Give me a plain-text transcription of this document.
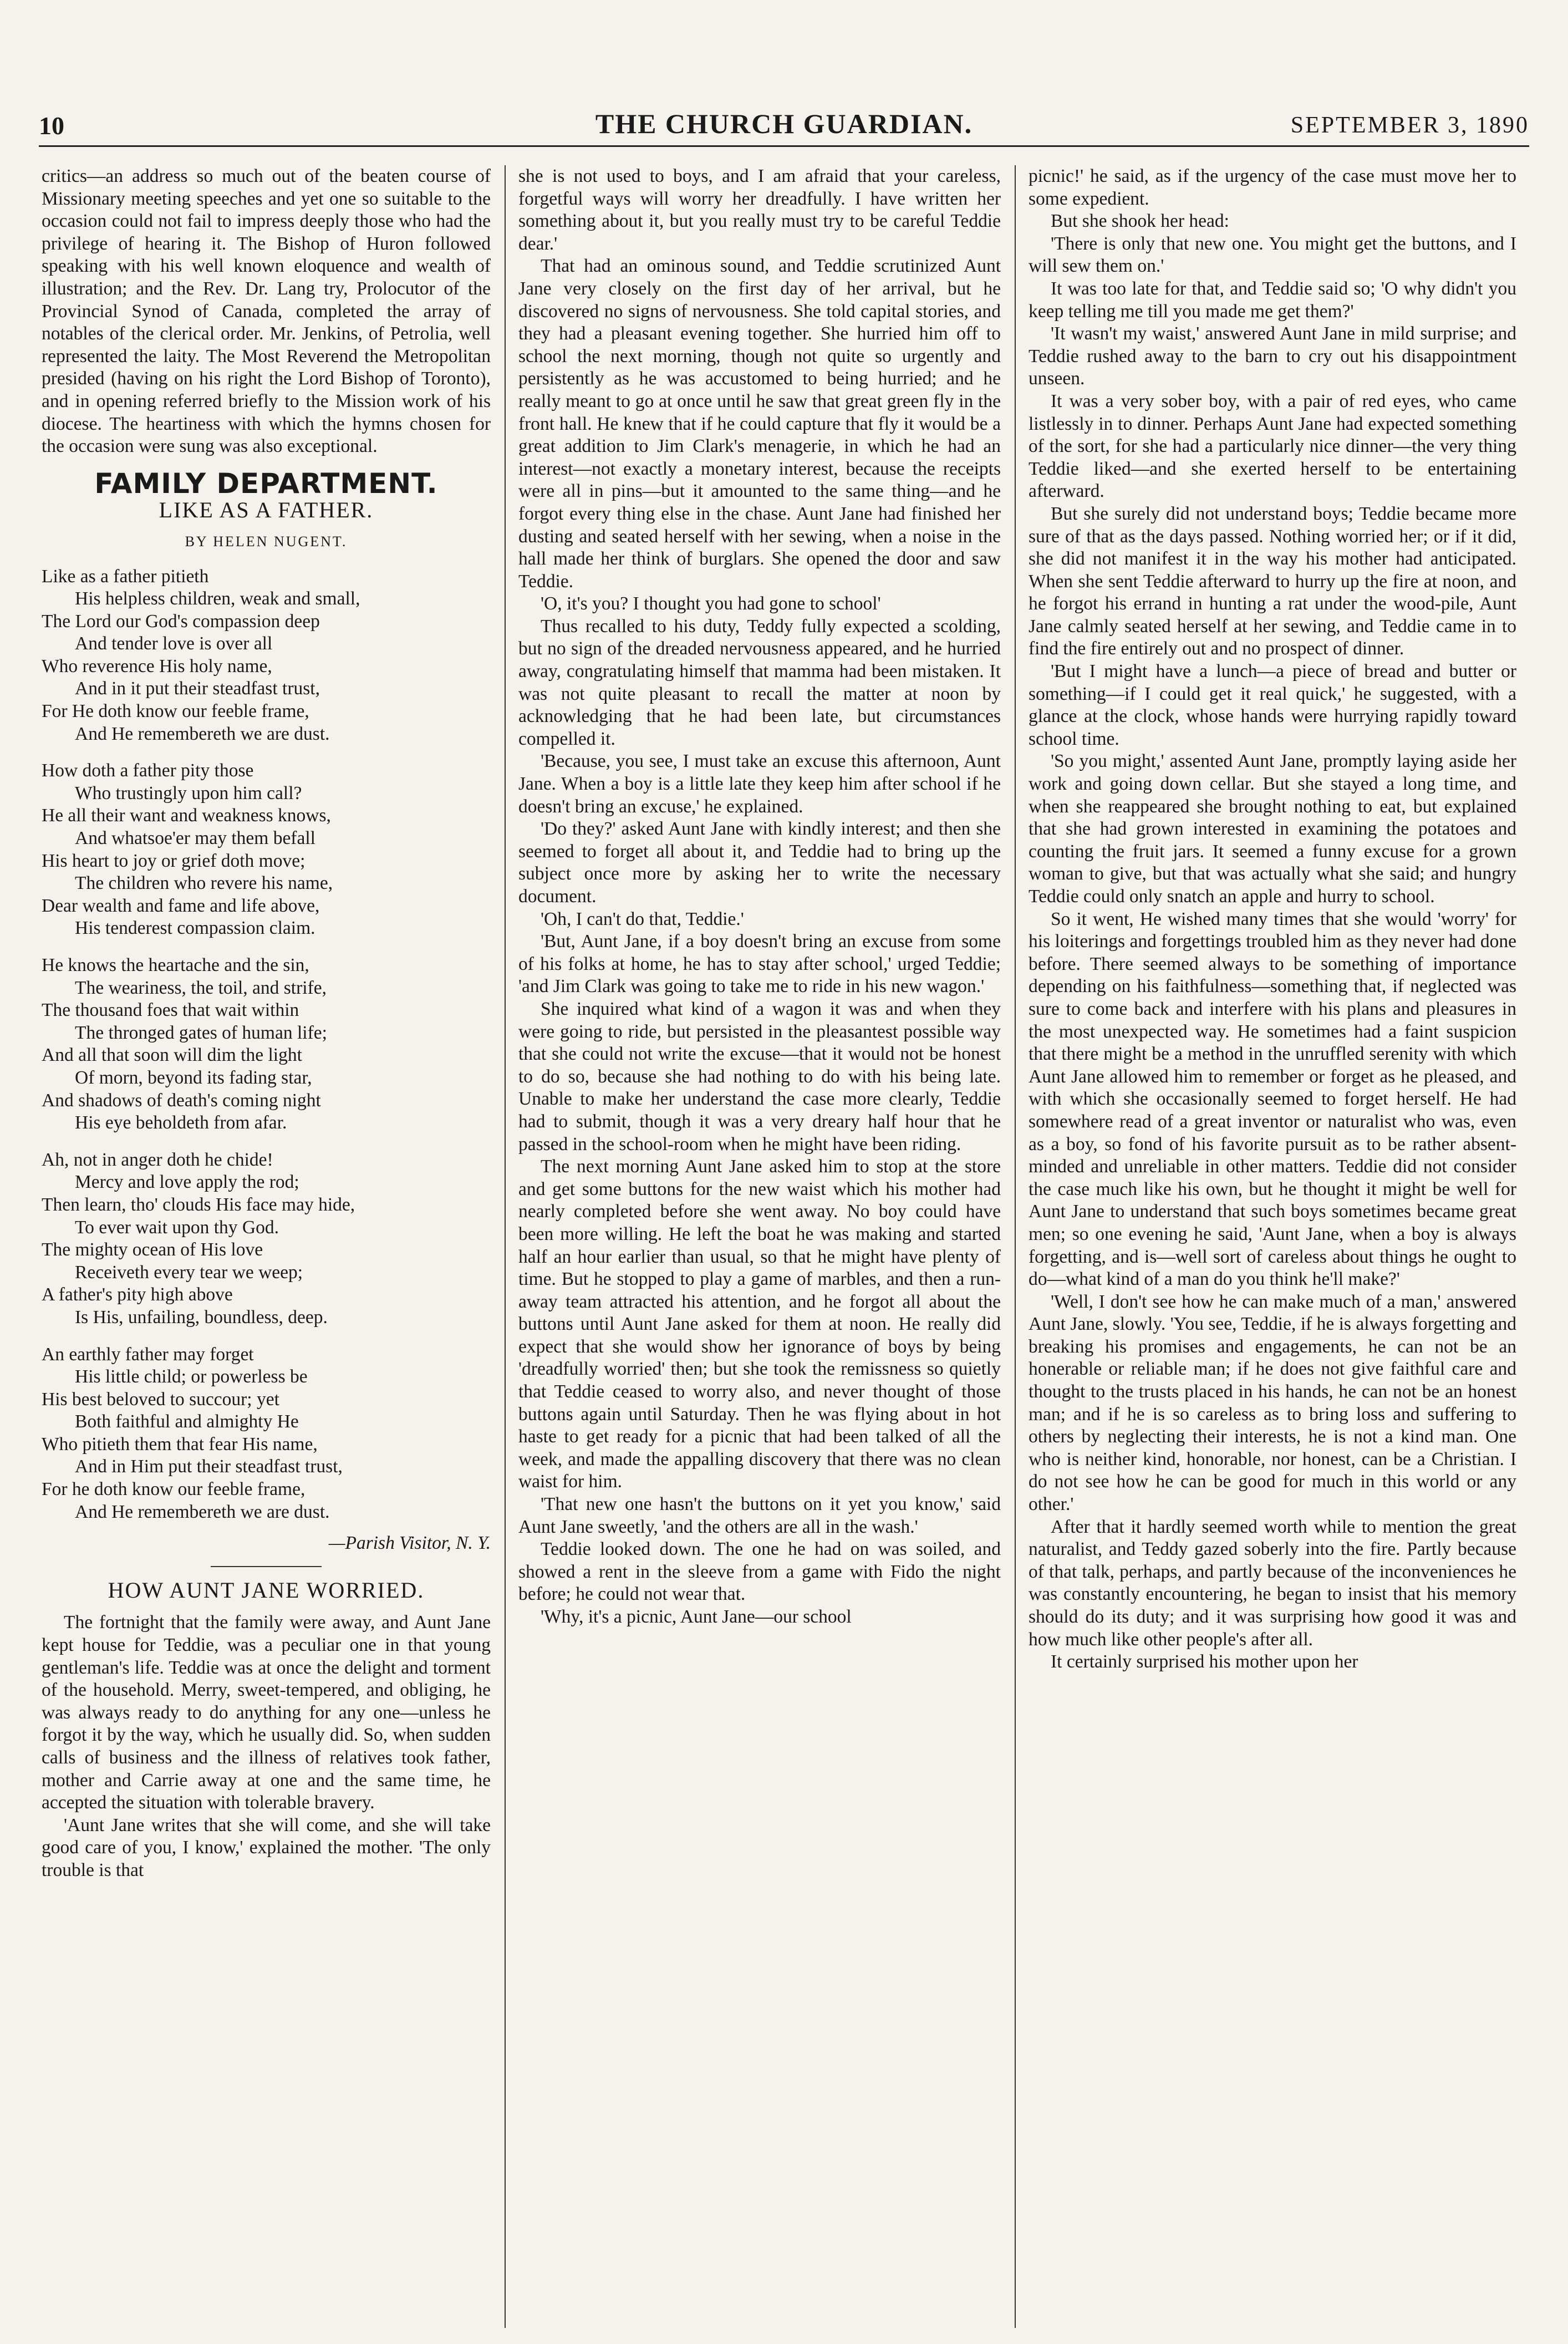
10	THE CHURCH GUARDIAN.	SEPTEMBER 3, 1890

critics—an address so much out of the beaten course of Missionary meeting speeches and yet one so suitable to the occasion could not fail to impress deeply those who had the privilege of hearing it. The Bishop of Huron followed speaking with his well known eloquence and wealth of illustration; and the Rev. Dr. Lang try, Prolocutor of the Provincial Synod of Canada, completed the array of notables of the clerical order. Mr. Jenkins, of Petrolia, well represented the laity. The Most Reverend the Metropolitan presided (having on his right the Lord Bishop of Toronto), and in opening referred briefly to the Mission work of his diocese. The heartiness with which the hymns chosen for the occasion were sung was also exceptional.

FAMILY DEPARTMENT.
LIKE AS A FATHER.
BY HELEN NUGENT.
Like as a father pitieth
His helpless children, weak and small,
The Lord our God's compassion deep
And tender love is over all
Who reverence His holy name,
And in it put their steadfast trust,
For He doth know our feeble frame,
And He remembereth we are dust.
How doth a father pity those
Who trustingly upon him call?
He all their want and weakness knows,
And whatsoe'er may them befall
His heart to joy or grief doth move;
The children who revere his name,
Dear wealth and fame and life above,
His tenderest compassion claim.
He knows the heartache and the sin,
The weariness, the toil, and strife,
The thousand foes that wait within
The thronged gates of human life;
And all that soon will dim the light
Of morn, beyond its fading star,
And shadows of death's coming night
His eye beholdeth from afar.
Ah, not in anger doth he chide!
Mercy and love apply the rod;
Then learn, tho' clouds His face may hide,
To ever wait upon thy God.
The mighty ocean of His love
Receiveth every tear we weep;
A father's pity high above
Is His, unfailing, boundless, deep.
An earthly father may forget
His little child; or powerless be
His best beloved to succour; yet
Both faithful and almighty He
Who pitieth them that fear His name,
And in Him put their steadfast trust,
For he doth know our feeble frame,
And He remembereth we are dust.
—Parish Visitor, N. Y.
HOW AUNT JANE WORRIED.

The fortnight that the family were away, and Aunt Jane kept house for Teddie, was a peculiar one in that young gentleman's life. Teddie was at once the delight and torment of the household. Merry, sweet-tempered, and obliging, he was always ready to do anything for any one—unless he forgot it by the way, which he usually did. So, when sudden calls of business and the illness of relatives took father, mother and Carrie away at one and the same time, he accepted the situation with tolerable bravery.

'Aunt Jane writes that she will come, and she will take good care of you, I know,' explained the mother. 'The only trouble is that

she is not used to boys, and I am afraid that your careless, forgetful ways will worry her dreadfully. I have written her something about it, but you really must try to be careful Teddie dear.'

That had an ominous sound, and Teddie scrutinized Aunt Jane very closely on the first day of her arrival, but he discovered no signs of nervousness. She told capital stories, and they had a pleasant evening together. She hurried him off to school the next morning, though not quite so urgently and persistently as he was accustomed to being hurried; and he really meant to go at once until he saw that great green fly in the front hall. He knew that if he could capture that fly it would be a great addition to Jim Clark's menagerie, in which he had an interest—not exactly a monetary interest, because the receipts were all in pins—but it amounted to the same thing—and he forgot every thing else in the chase. Aunt Jane had finished her dusting and seated herself with her sewing, when a noise in the hall made her think of burglars. She opened the door and saw Teddie.

'O, it's you? I thought you had gone to school'

Thus recalled to his duty, Teddy fully expected a scolding, but no sign of the dreaded nervousness appeared, and he hurried away, congratulating himself that mamma had been mistaken. It was not quite pleasant to recall the matter at noon by acknowledging that he had been late, but circumstances compelled it.

'Because, you see, I must take an excuse this afternoon, Aunt Jane. When a boy is a little late they keep him after school if he doesn't bring an excuse,' he explained.

'Do they?' asked Aunt Jane with kindly interest; and then she seemed to forget all about it, and Teddie had to bring up the subject once more by asking her to write the necessary document.

'Oh, I can't do that, Teddie.'

'But, Aunt Jane, if a boy doesn't bring an excuse from some of his folks at home, he has to stay after school,' urged Teddie; 'and Jim Clark was going to take me to ride in his new wagon.'

She inquired what kind of a wagon it was and when they were going to ride, but persisted in the pleasantest possible way that she could not write the excuse—that it would not be honest to do so, because she had nothing to do with his being late. Unable to make her understand the case more clearly, Teddie had to submit, though it was a very dreary half hour that he passed in the school-room when he might have been riding.

The next morning Aunt Jane asked him to stop at the store and get some buttons for the new waist which his mother had nearly completed before she went away. No boy could have been more willing. He left the boat he was making and started half an hour earlier than usual, so that he might have plenty of time. But he stopped to play a game of marbles, and then a run-away team attracted his attention, and he forgot all about the buttons until Aunt Jane asked for them at noon. He really did expect that she would show her ignorance of boys by being 'dreadfully worried' then; but she took the remissness so quietly that Teddie ceased to worry also, and never thought of those buttons again until Saturday. Then he was flying about in hot haste to get ready for a picnic that had been talked of all the week, and made the appalling discovery that there was no clean waist for him.

'That new one hasn't the buttons on it yet you know,' said Aunt Jane sweetly, 'and the others are all in the wash.'

Teddie looked down. The one he had on was soiled, and showed a rent in the sleeve from a game with Fido the night before; he could not wear that.

'Why, it's a picnic, Aunt Jane—our school

picnic!' he said, as if the urgency of the case must move her to some expedient.

But she shook her head:

'There is only that new one. You might get the buttons, and I will sew them on.'

It was too late for that, and Teddie said so; 'O why didn't you keep telling me till you made me get them?'

'It wasn't my waist,' answered Aunt Jane in mild surprise; and Teddie rushed away to the barn to cry out his disappointment unseen.

It was a very sober boy, with a pair of red eyes, who came listlessly in to dinner. Perhaps Aunt Jane had expected something of the sort, for she had a particularly nice dinner—the very thing Teddie liked—and she exerted herself to be entertaining afterward.

But she surely did not understand boys; Teddie became more sure of that as the days passed. Nothing worried her; or if it did, she did not manifest it in the way his mother had anticipated. When she sent Teddie afterward to hurry up the fire at noon, and he forgot his errand in hunting a rat under the wood-pile, Aunt Jane calmly seated herself at her sewing, and Teddie came in to find the fire entirely out and no prospect of dinner.

'But I might have a lunch—a piece of bread and butter or something—if I could get it real quick,' he suggested, with a glance at the clock, whose hands were hurrying rapidly toward school time.

'So you might,' assented Aunt Jane, promptly laying aside her work and going down cellar. But she stayed a long time, and when she reappeared she brought nothing to eat, but explained that she had grown interested in examining the potatoes and counting the fruit jars. It seemed a funny excuse for a grown woman to give, but that was actually what she said; and hungry Teddie could only snatch an apple and hurry to school.

So it went, He wished many times that she would 'worry' for his loiterings and forgettings troubled him as they never had done before. There seemed always to be something of importance depending on his faithfulness—something that, if neglected was sure to come back and interfere with his plans and pleasures in the most unexpected way. He sometimes had a faint suspicion that there might be a method in the unruffled serenity with which Aunt Jane allowed him to remember or forget as he pleased, and with which she occasionally seemed to forget herself. He had somewhere read of a great inventor or naturalist who was, even as a boy, so fond of his favorite pursuit as to be rather absent-minded and unreliable in other matters. Teddie did not consider the case much like his own, but he thought it might be well for Aunt Jane to understand that such boys sometimes became great men; so one evening he said, 'Aunt Jane, when a boy is always forgetting, and is—well sort of careless about things he ought to do—what kind of a man do you think he'll make?'

'Well, I don't see how he can make much of a man,' answered Aunt Jane, slowly. 'You see, Teddie, if he is always forgetting and breaking his promises and engagements, he can not be an honerable or reliable man; if he does not give faithful care and thought to the trusts placed in his hands, he can not be an honest man; and if he is so careless as to bring loss and suffering to others by neglecting their interests, he is not a kind man. One who is neither kind, honorable, nor honest, can be a Christian. I do not see how he can be good for much in this world or any other.'

After that it hardly seemed worth while to mention the great naturalist, and Teddy gazed soberly into the fire. Partly because of that talk, perhaps, and partly because of the inconveniences he was constantly encountering, he began to insist that his memory should do its duty; and it was surprising how good it was and how much like other people's after all.

It certainly surprised his mother upon her
